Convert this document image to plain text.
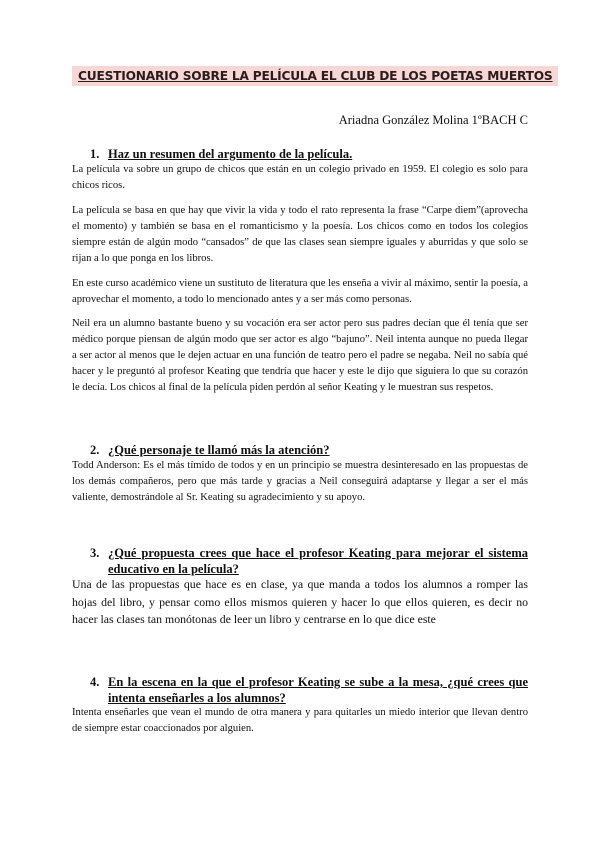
CUESTIONARIO SOBRE LA PELÍCULA EL CLUB DE LOS POETAS MUERTOS
Ariadna González Molina 1ºBACH C
1. Haz un resumen del argumento de la película.

La película va sobre un grupo de chicos que están en un colegio privado en 1959. El colegio es solo para chicos ricos.

La película se basa en que hay que vivir la vida y todo el rato representa la frase “Carpe diem”(aprovecha el momento) y también se basa en el romanticismo y la poesía. Los chicos como en todos los colegios siempre están de algún modo “cansados” de que las clases sean siempre iguales y aburridas y que solo se rijan a lo que ponga en los libros.

En este curso académico viene un sustituto de literatura que les enseña a vivir al máximo, sentir la poesía, a aprovechar el momento, a todo lo mencionado antes y a ser más como personas.

Neil era un alumno bastante bueno y su vocación era ser actor pero sus padres decían que él tenía que ser médico porque piensan de algún modo que ser actor es algo “bajuno”. Neil intenta aunque no pueda llegar a ser actor al menos que le dejen actuar en una función de teatro pero el padre se negaba. Neil no sabía qué hacer y le preguntó al profesor Keating que tendría que hacer y este le dijo que siguiera lo que su corazón le decía. Los chicos al final de la película piden perdón al señor Keating y le muestran sus respetos.

2. ¿Qué personaje te llamó más la atención?

Todd Anderson: Es el más tímido de todos y en un principio se muestra desinteresado en las propuestas de los demás compañeros, pero que más tarde y gracias a Neil conseguirá adaptarse y llegar a ser el más valiente, demostrándole al Sr. Keating su agradecimiento y su apoyo.

3. ¿Qué propuesta crees que hace el profesor Keating para mejorar el sistema educativo en la película?

Una de las propuestas que hace es en clase, ya que manda a todos los alumnos a romper las hojas del libro, y pensar como ellos mismos quieren y hacer lo que ellos quieren, es decir no hacer las clases tan monótonas de leer un libro y centrarse en lo que dice este

4. En la escena en la que el profesor Keating se sube a la mesa, ¿qué crees que intenta enseñarles a los alumnos?

Intenta enseñarles que vean el mundo de otra manera y para quitarles un miedo interior que llevan dentro de siempre estar coaccionados por alguien.
